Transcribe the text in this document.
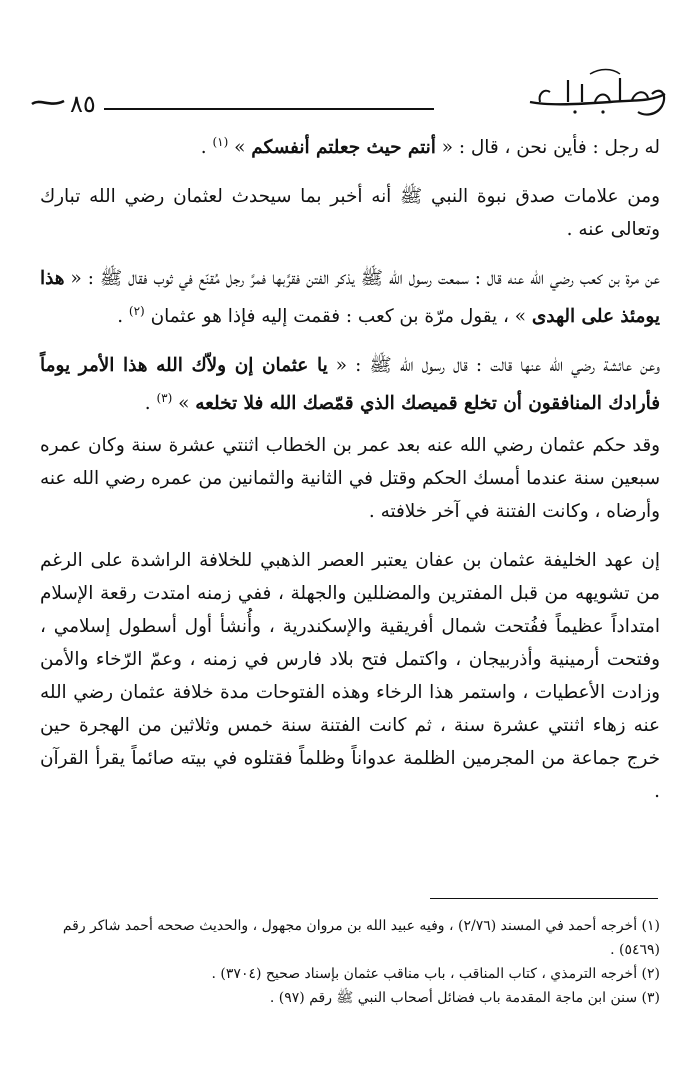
٨٥

له رجل : فأين نحن ، قال : « أنتم حيث جعلتم أنفسكم » $^{(١)}$ .

ومن علامات صدق نبوة النبي ﷺ أنه أخبر بما سيحدث لعثمان رضي الله تبارك وتعالى عنه .

عن مرة بن كعب رضي الله عنه قال : سمعت رسول الله ﷺ يذكر الفتن فقرَّبها فمرَّ رجل مُقنّع في ثوب فقال ﷺ : « هذا يومئذ على الهدى » ، يقول مرّة بن كعب : فقمت إليه فإذا هو عثمان $^{(٢)}$ .

وعن عائشة رضي الله عنها قالت : قال رسول الله ﷺ : « يا عثمان إن ولاّك الله هذا الأمر يوماً فأرادك المنافقون أن تخلع قميصك الذي قمّصك الله فلا تخلعه » $^{(٣)}$ .

وقد حكم عثمان رضي الله عنه بعد عمر بن الخطاب اثنتي عشرة سنة وكان عمره سبعين سنة عندما أمسك الحكم وقتل في الثانية والثمانين من عمره رضي الله عنه وأرضاه ، وكانت الفتنة في آخر خلافته .

إن عهد الخليفة عثمان بن عفان يعتبر العصر الذهبي للخلافة الراشدة على الرغم من تشويهه من قبل المفترين والمضللين والجهلة ، ففي زمنه امتدت رقعة الإسلام امتداداً عظيماً ففُتحت شمال أفريقية والإسكندرية ، وأُنشأ أول أسطول إسلامي ، وفتحت أرمينية وأذربيجان ، واكتمل فتح بلاد فارس في زمنه ، وعمّ الرّخاء والأمن وزادت الأعطيات ، واستمر هذا الرخاء وهذه الفتوحات مدة خلافة عثمان رضي الله عنه زهاء اثنتي عشرة سنة ، ثم كانت الفتنة سنة خمس وثلاثين من الهجرة حين خرج جماعة من المجرمين الظلمة عدواناً وظلماً فقتلوه في بيته صائماً يقرأ القرآن .

(١) أخرجه أحمد في المسند (٢/٧٦) ، وفيه عبيد الله بن مروان مجهول ، والحديث صححه أحمد شاكر رقم (٥٤٦٩) .

(٢) أخرجه الترمذي ، كتاب المناقب ، باب مناقب عثمان بإسناد صحيح (٣٧٠٤) .

(٣) سنن ابن ماجة المقدمة باب فضائل أصحاب النبي ﷺ رقم (٩٧) .
